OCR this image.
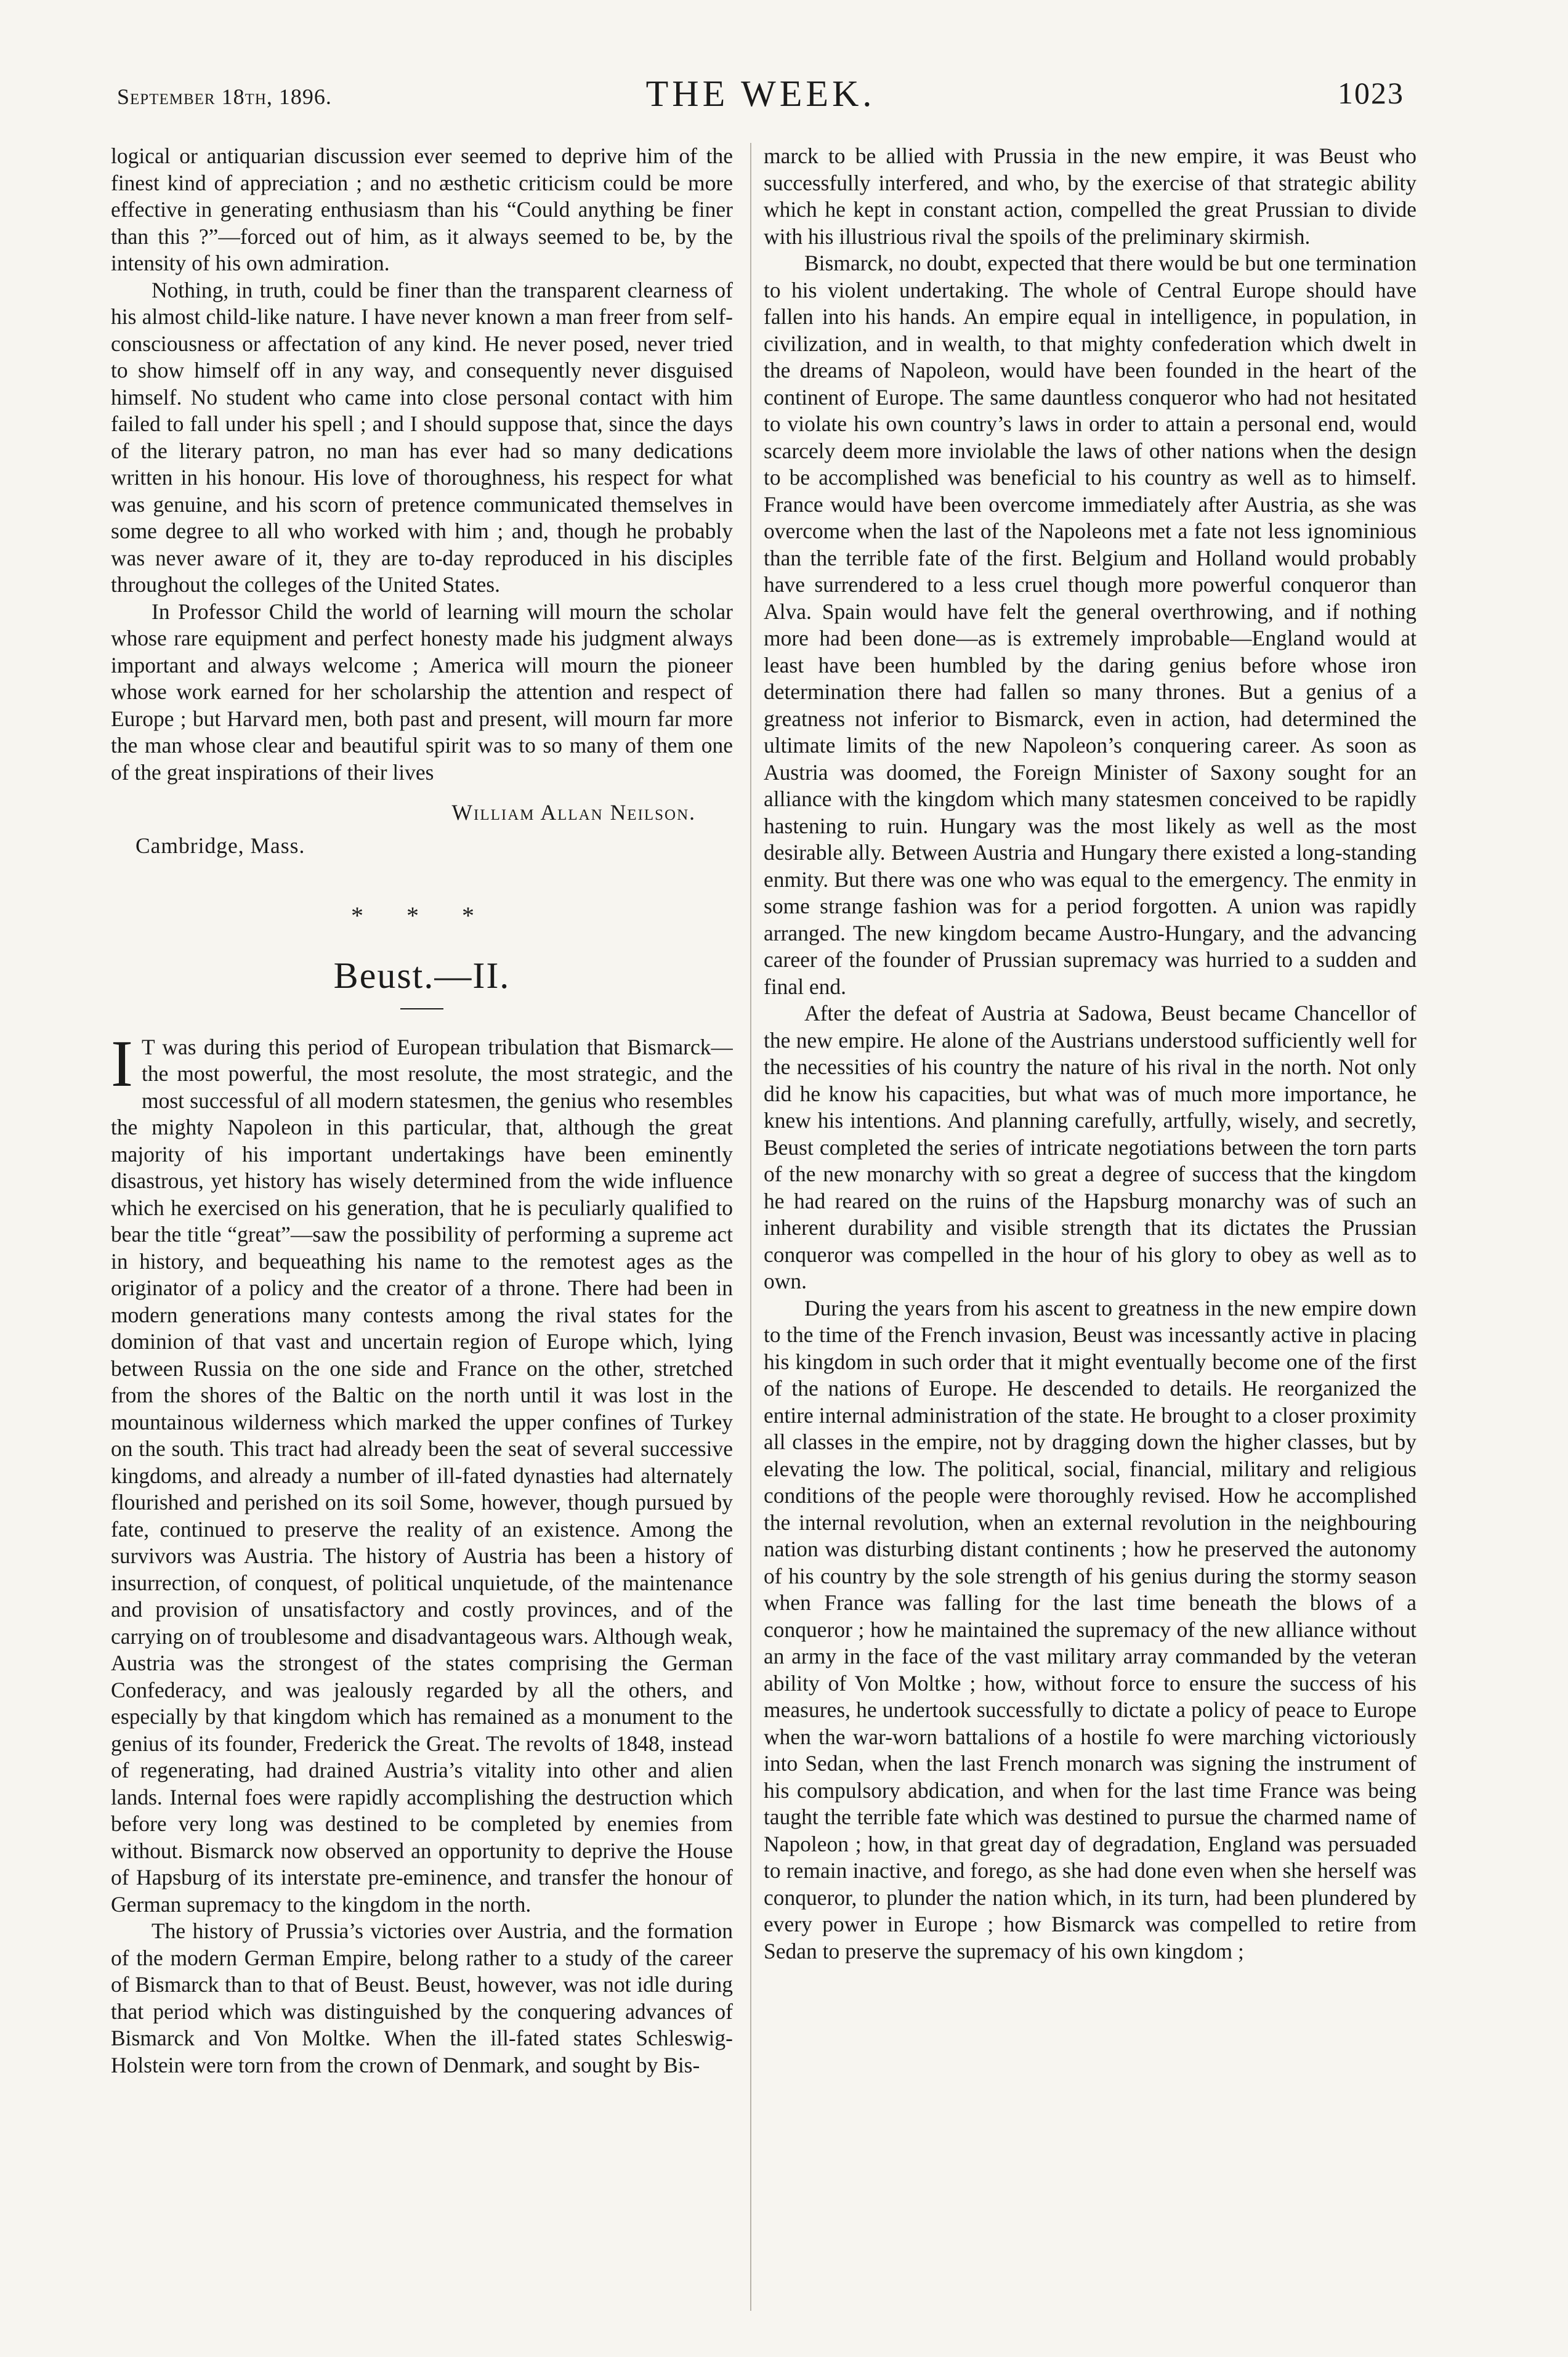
September 18th, 1896.	THE WEEK.	1023

logical or antiquarian discussion ever seemed to deprive him of the finest kind of appreciation ; and no æsthetic criticism could be more effective in generating enthusiasm than his “Could anything be finer than this ?”—forced out of him, as it always seemed to be, by the intensity of his own admiration.

Nothing, in truth, could be finer than the transparent clearness of his almost child-like nature. I have never known a man freer from self-consciousness or affectation of any kind. He never posed, never tried to show himself off in any way, and consequently never disguised himself. No student who came into close personal contact with him failed to fall under his spell ; and I should suppose that, since the days of the literary patron, no man has ever had so many dedications written in his honour. His love of thoroughness, his respect for what was genuine, and his scorn of pretence communicated themselves in some degree to all who worked with him ; and, though he probably was never aware of it, they are to-day reproduced in his disciples throughout the colleges of the United States.

In Professor Child the world of learning will mourn the scholar whose rare equipment and perfect honesty made his judgment always important and always welcome ; America will mourn the pioneer whose work earned for her scholarship the attention and respect of Europe ; but Harvard men, both past and present, will mourn far more the man whose clear and beautiful spirit was to so many of them one of the great inspirations of their lives

William Allan Neilson.
Cambridge, Mass.
* * *
Beust.—II.

I T was during this period of European tribulation that Bismarck—the most powerful, the most resolute, the most strategic, and the most successful of all modern statesmen, the genius who resembles the mighty Napoleon in this particular, that, although the great majority of his important undertakings have been eminently disastrous, yet history has wisely determined from the wide influence which he exercised on his generation, that he is peculiarly qualified to bear the title “great”—saw the possibility of performing a supreme act in history, and bequeathing his name to the remotest ages as the originator of a policy and the creator of a throne. There had been in modern generations many contests among the rival states for the dominion of that vast and uncertain region of Europe which, lying between Russia on the one side and France on the other, stretched from the shores of the Baltic on the north until it was lost in the mountainous wilderness which marked the upper confines of Turkey on the south. This tract had already been the seat of several successive kingdoms, and already a number of ill-fated dynasties had alternately flourished and perished on its soil Some, however, though pursued by fate, continued to preserve the reality of an existence. Among the survivors was Austria. The history of Austria has been a history of insurrection, of conquest, of political unquietude, of the maintenance and provision of unsatisfactory and costly provinces, and of the carrying on of troublesome and disadvantageous wars. Although weak, Austria was the strongest of the states comprising the German Confederacy, and was jealously regarded by all the others, and especially by that kingdom which has remained as a monument to the genius of its founder, Frederick the Great. The revolts of 1848, instead of regenerating, had drained Austria’s vitality into other and alien lands. Internal foes were rapidly accomplishing the destruction which before very long was destined to be completed by enemies from without. Bismarck now observed an opportunity to deprive the House of Hapsburg of its interstate pre-eminence, and transfer the honour of German supremacy to the kingdom in the north.

The history of Prussia’s victories over Austria, and the formation of the modern German Empire, belong rather to a study of the career of Bismarck than to that of Beust. Beust, however, was not idle during that period which was distinguished by the conquering advances of Bismarck and Von Moltke. When the ill-fated states Schleswig-Holstein were torn from the crown of Denmark, and sought by Bis-

marck to be allied with Prussia in the new empire, it was Beust who successfully interfered, and who, by the exercise of that strategic ability which he kept in constant action, compelled the great Prussian to divide with his illustrious rival the spoils of the preliminary skirmish.

Bismarck, no doubt, expected that there would be but one termination to his violent undertaking. The whole of Central Europe should have fallen into his hands. An empire equal in intelligence, in population, in civilization, and in wealth, to that mighty confederation which dwelt in the dreams of Napoleon, would have been founded in the heart of the continent of Europe. The same dauntless conqueror who had not hesitated to violate his own country’s laws in order to attain a personal end, would scarcely deem more inviolable the laws of other nations when the design to be accomplished was beneficial to his country as well as to himself. France would have been overcome immediately after Austria, as she was overcome when the last of the Napoleons met a fate not less ignominious than the terrible fate of the first. Belgium and Holland would probably have surrendered to a less cruel though more powerful conqueror than Alva. Spain would have felt the general overthrowing, and if nothing more had been done—as is extremely improbable—England would at least have been humbled by the daring genius before whose iron determination there had fallen so many thrones. But a genius of a greatness not inferior to Bismarck, even in action, had determined the ultimate limits of the new Napoleon’s conquering career. As soon as Austria was doomed, the Foreign Minister of Saxony sought for an alliance with the kingdom which many statesmen conceived to be rapidly hastening to ruin. Hungary was the most likely as well as the most desirable ally. Between Austria and Hungary there existed a long-standing enmity. But there was one who was equal to the emergency. The enmity in some strange fashion was for a period forgotten. A union was rapidly arranged. The new kingdom became Austro-Hungary, and the advancing career of the founder of Prussian supremacy was hurried to a sudden and final end.

After the defeat of Austria at Sadowa, Beust became Chancellor of the new empire. He alone of the Austrians understood sufficiently well for the necessities of his country the nature of his rival in the north. Not only did he know his capacities, but what was of much more importance, he knew his intentions. And planning carefully, artfully, wisely, and secretly, Beust completed the series of intricate negotiations between the torn parts of the new monarchy with so great a degree of success that the kingdom he had reared on the ruins of the Hapsburg monarchy was of such an inherent durability and visible strength that its dictates the Prussian conqueror was compelled in the hour of his glory to obey as well as to own.

During the years from his ascent to greatness in the new empire down to the time of the French invasion, Beust was incessantly active in placing his kingdom in such order that it might eventually become one of the first of the nations of Europe. He descended to details. He reorganized the entire internal administration of the state. He brought to a closer proximity all classes in the empire, not by dragging down the higher classes, but by elevating the low. The political, social, financial, military and religious conditions of the people were thoroughly revised. How he accomplished the internal revolution, when an external revolution in the neighbouring nation was disturbing distant continents ; how he preserved the autonomy of his country by the sole strength of his genius during the stormy season when France was falling for the last time beneath the blows of a conqueror ; how he maintained the supremacy of the new alliance without an army in the face of the vast military array commanded by the veteran ability of Von Moltke ; how, without force to ensure the success of his measures, he undertook successfully to dictate a policy of peace to Europe when the war-worn battalions of a hostile fo were marching victoriously into Sedan, when the last French monarch was signing the instrument of his compulsory abdication, and when for the last time France was being taught the terrible fate which was destined to pursue the charmed name of Napoleon ; how, in that great day of degradation, England was persuaded to remain inactive, and forego, as she had done even when she herself was conqueror, to plunder the nation which, in its turn, had been plundered by every power in Europe ; how Bismarck was compelled to retire from Sedan to preserve the supremacy of his own kingdom ;
